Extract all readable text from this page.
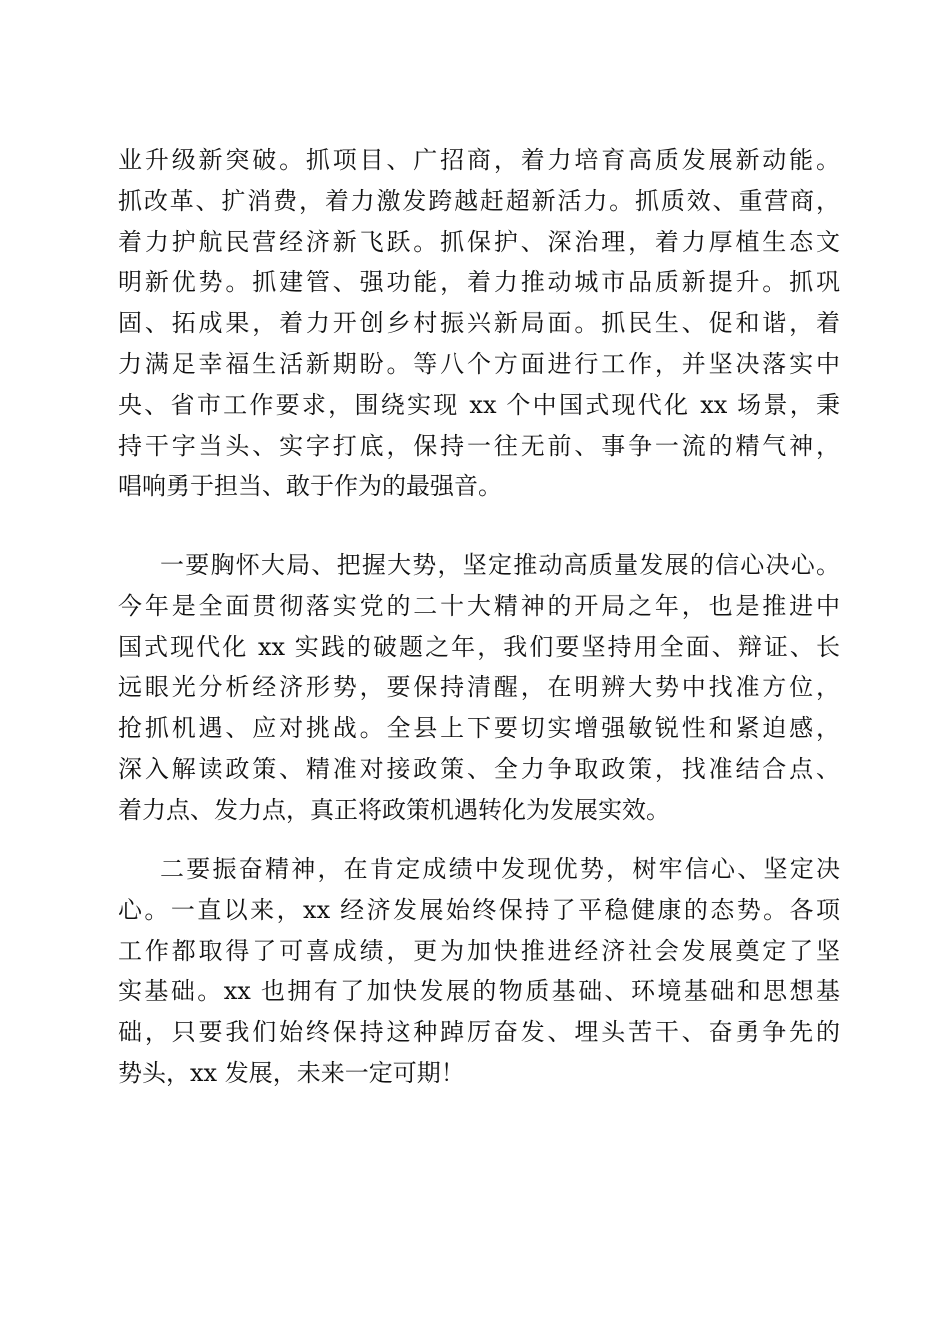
业升级新突破。抓项目、广招商，着力培育高质发展新动能。
抓改革、扩消费，着力激发跨越赶超新活力。抓质效、重营商，
着力护航民营经济新飞跃。抓保护、深治理，着力厚植生态文
明新优势。抓建管、强功能，着力推动城市品质新提升。抓巩
固、拓成果，着力开创乡村振兴新局面。抓民生、促和谐，着
力满足幸福生活新期盼。等八个方面进行工作，并坚决落实中
央、省市工作要求，围绕实现 xx 个中国式现代化 xx 场景，秉
持干字当头、实字打底，保持一往无前、事争一流的精气神，
唱响勇于担当、敢于作为的最强音。
一要胸怀大局、把握大势，坚定推动高质量发展的信心决心。
今年是全面贯彻落实党的二十大精神的开局之年，也是推进中
国式现代化 xx 实践的破题之年，我们要坚持用全面、辩证、长
远眼光分析经济形势，要保持清醒，在明辨大势中找准方位，
抢抓机遇、应对挑战。全县上下要切实增强敏锐性和紧迫感，
深入解读政策、精准对接政策、全力争取政策，找准结合点、
着力点、发力点，真正将政策机遇转化为发展实效。
二要振奋精神，在肯定成绩中发现优势，树牢信心、坚定决
心。一直以来，xx 经济发展始终保持了平稳健康的态势。各项
工作都取得了可喜成绩，更为加快推进经济社会发展奠定了坚
实基础。xx 也拥有了加快发展的物质基础、环境基础和思想基
础，只要我们始终保持这种踔厉奋发、埋头苦干、奋勇争先的
势头，xx 发展，未来一定可期！
